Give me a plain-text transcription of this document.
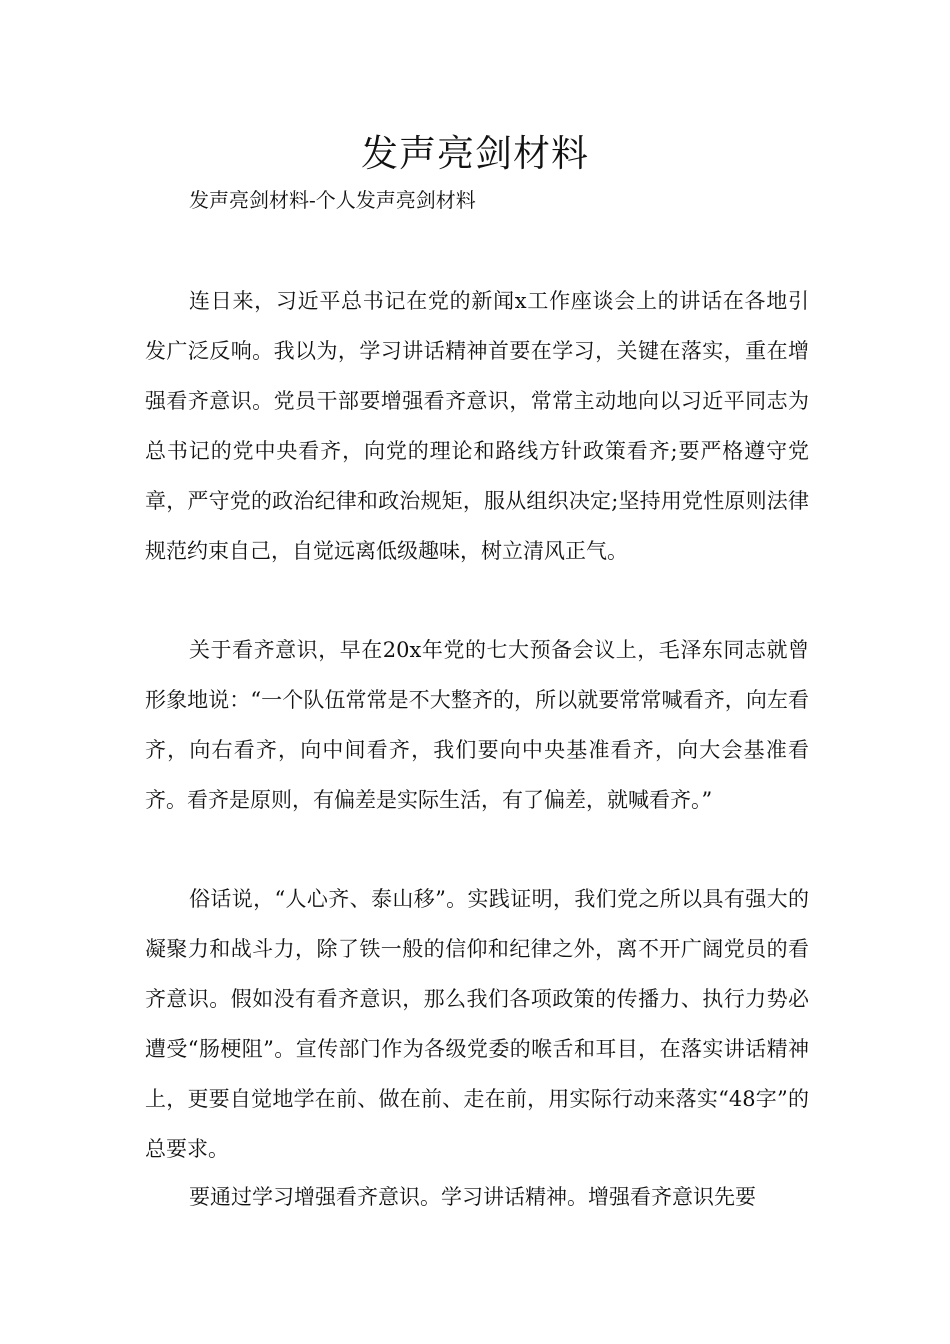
发声亮剑材料

发声亮剑材料-个人发声亮剑材料

连日来，习近平总书记在党的新闻x工作座谈会上的讲话在各地引发广泛反响。我以为，学习讲话精神首要在学习，关键在落实，重在增强看齐意识。党员干部要增强看齐意识，常常主动地向以习近平同志为总书记的党中央看齐，向党的理论和路线方针政策看齐;要严格遵守党章，严守党的政治纪律和政治规矩，服从组织决定;坚持用党性原则法律规范约束自己，自觉远离低级趣味，树立清风正气。

关于看齐意识，早在20x年党的七大预备会议上，毛泽东同志就曾形象地说：“一个队伍常常是不大整齐的，所以就要常常喊看齐，向左看齐，向右看齐，向中间看齐，我们要向中央基准看齐，向大会基准看齐。看齐是原则，有偏差是实际生活，有了偏差，就喊看齐。”

俗话说，“人心齐、泰山移”。实践证明，我们党之所以具有强大的凝聚力和战斗力，除了铁一般的信仰和纪律之外，离不开广阔党员的看齐意识。假如没有看齐意识，那么我们各项政策的传播力、执行力势必遭受“肠梗阻”。宣传部门作为各级党委的喉舌和耳目，在落实讲话精神上，更要自觉地学在前、做在前、走在前，用实际行动来落实“48字”的总要求。

要通过学习增强看齐意识。学习讲话精神。增强看齐意识先要
